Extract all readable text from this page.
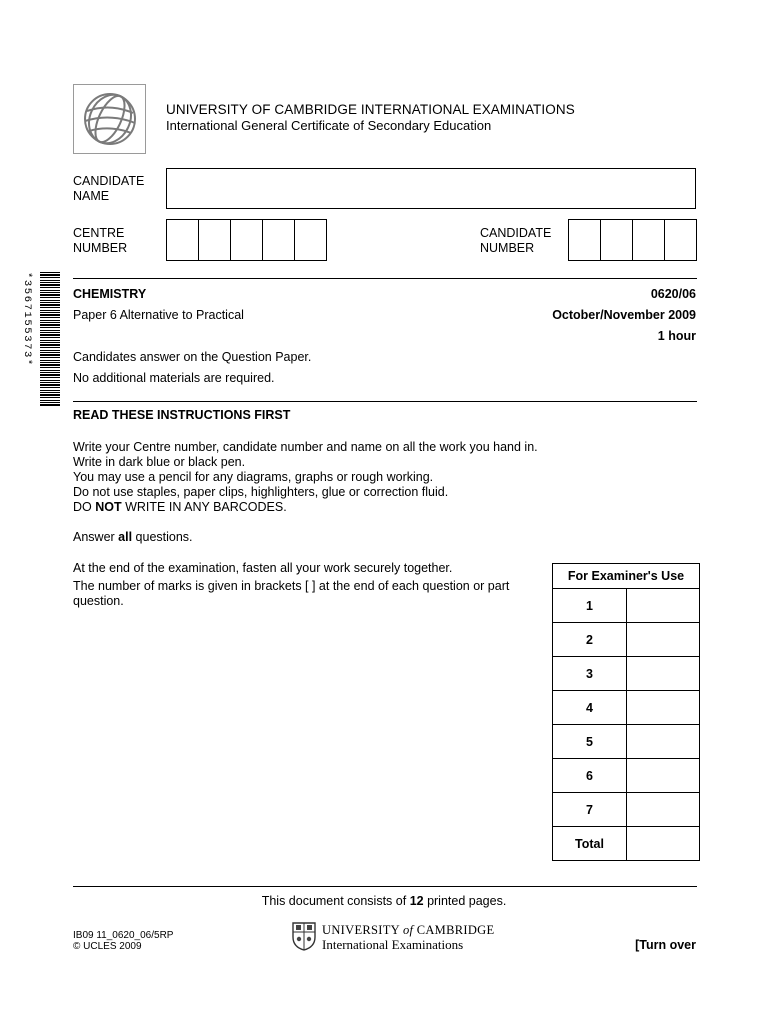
UNIVERSITY OF CAMBRIDGE INTERNATIONAL EXAMINATIONS
International General Certificate of Secondary Education
CANDIDATE
NAME
CENTRE
NUMBER
CANDIDATE
NUMBER
*3567155373*	CHEMISTRY	0620/06
Paper 6 Alternative to Practical	October/November 2009
1 hour
Candidates answer on the Question Paper.
No additional materials are required.
READ THESE INSTRUCTIONS FIRST
Write your Centre number, candidate number and name on all the work you hand in.
Write in dark blue or black pen.
You may use a pencil for any diagrams, graphs or rough working.
Do not use staples, paper clips, highlighters, glue or correction fluid.
DO NOT WRITE IN ANY BARCODES.
Answer all questions.
At the end of the examination, fasten all your work securely together.
The number of marks is given in brackets [ ] at the end of each question or part
question.
For Examiner's Use	
1	
2	
3	
4	
5	
6	
7	
Total	
This document consists of 12 printed pages.
IB09 11_0620_06/5RP
© UCLES 2009
UNIVERSITY of CAMBRIDGE
International Examinations	[Turn over
